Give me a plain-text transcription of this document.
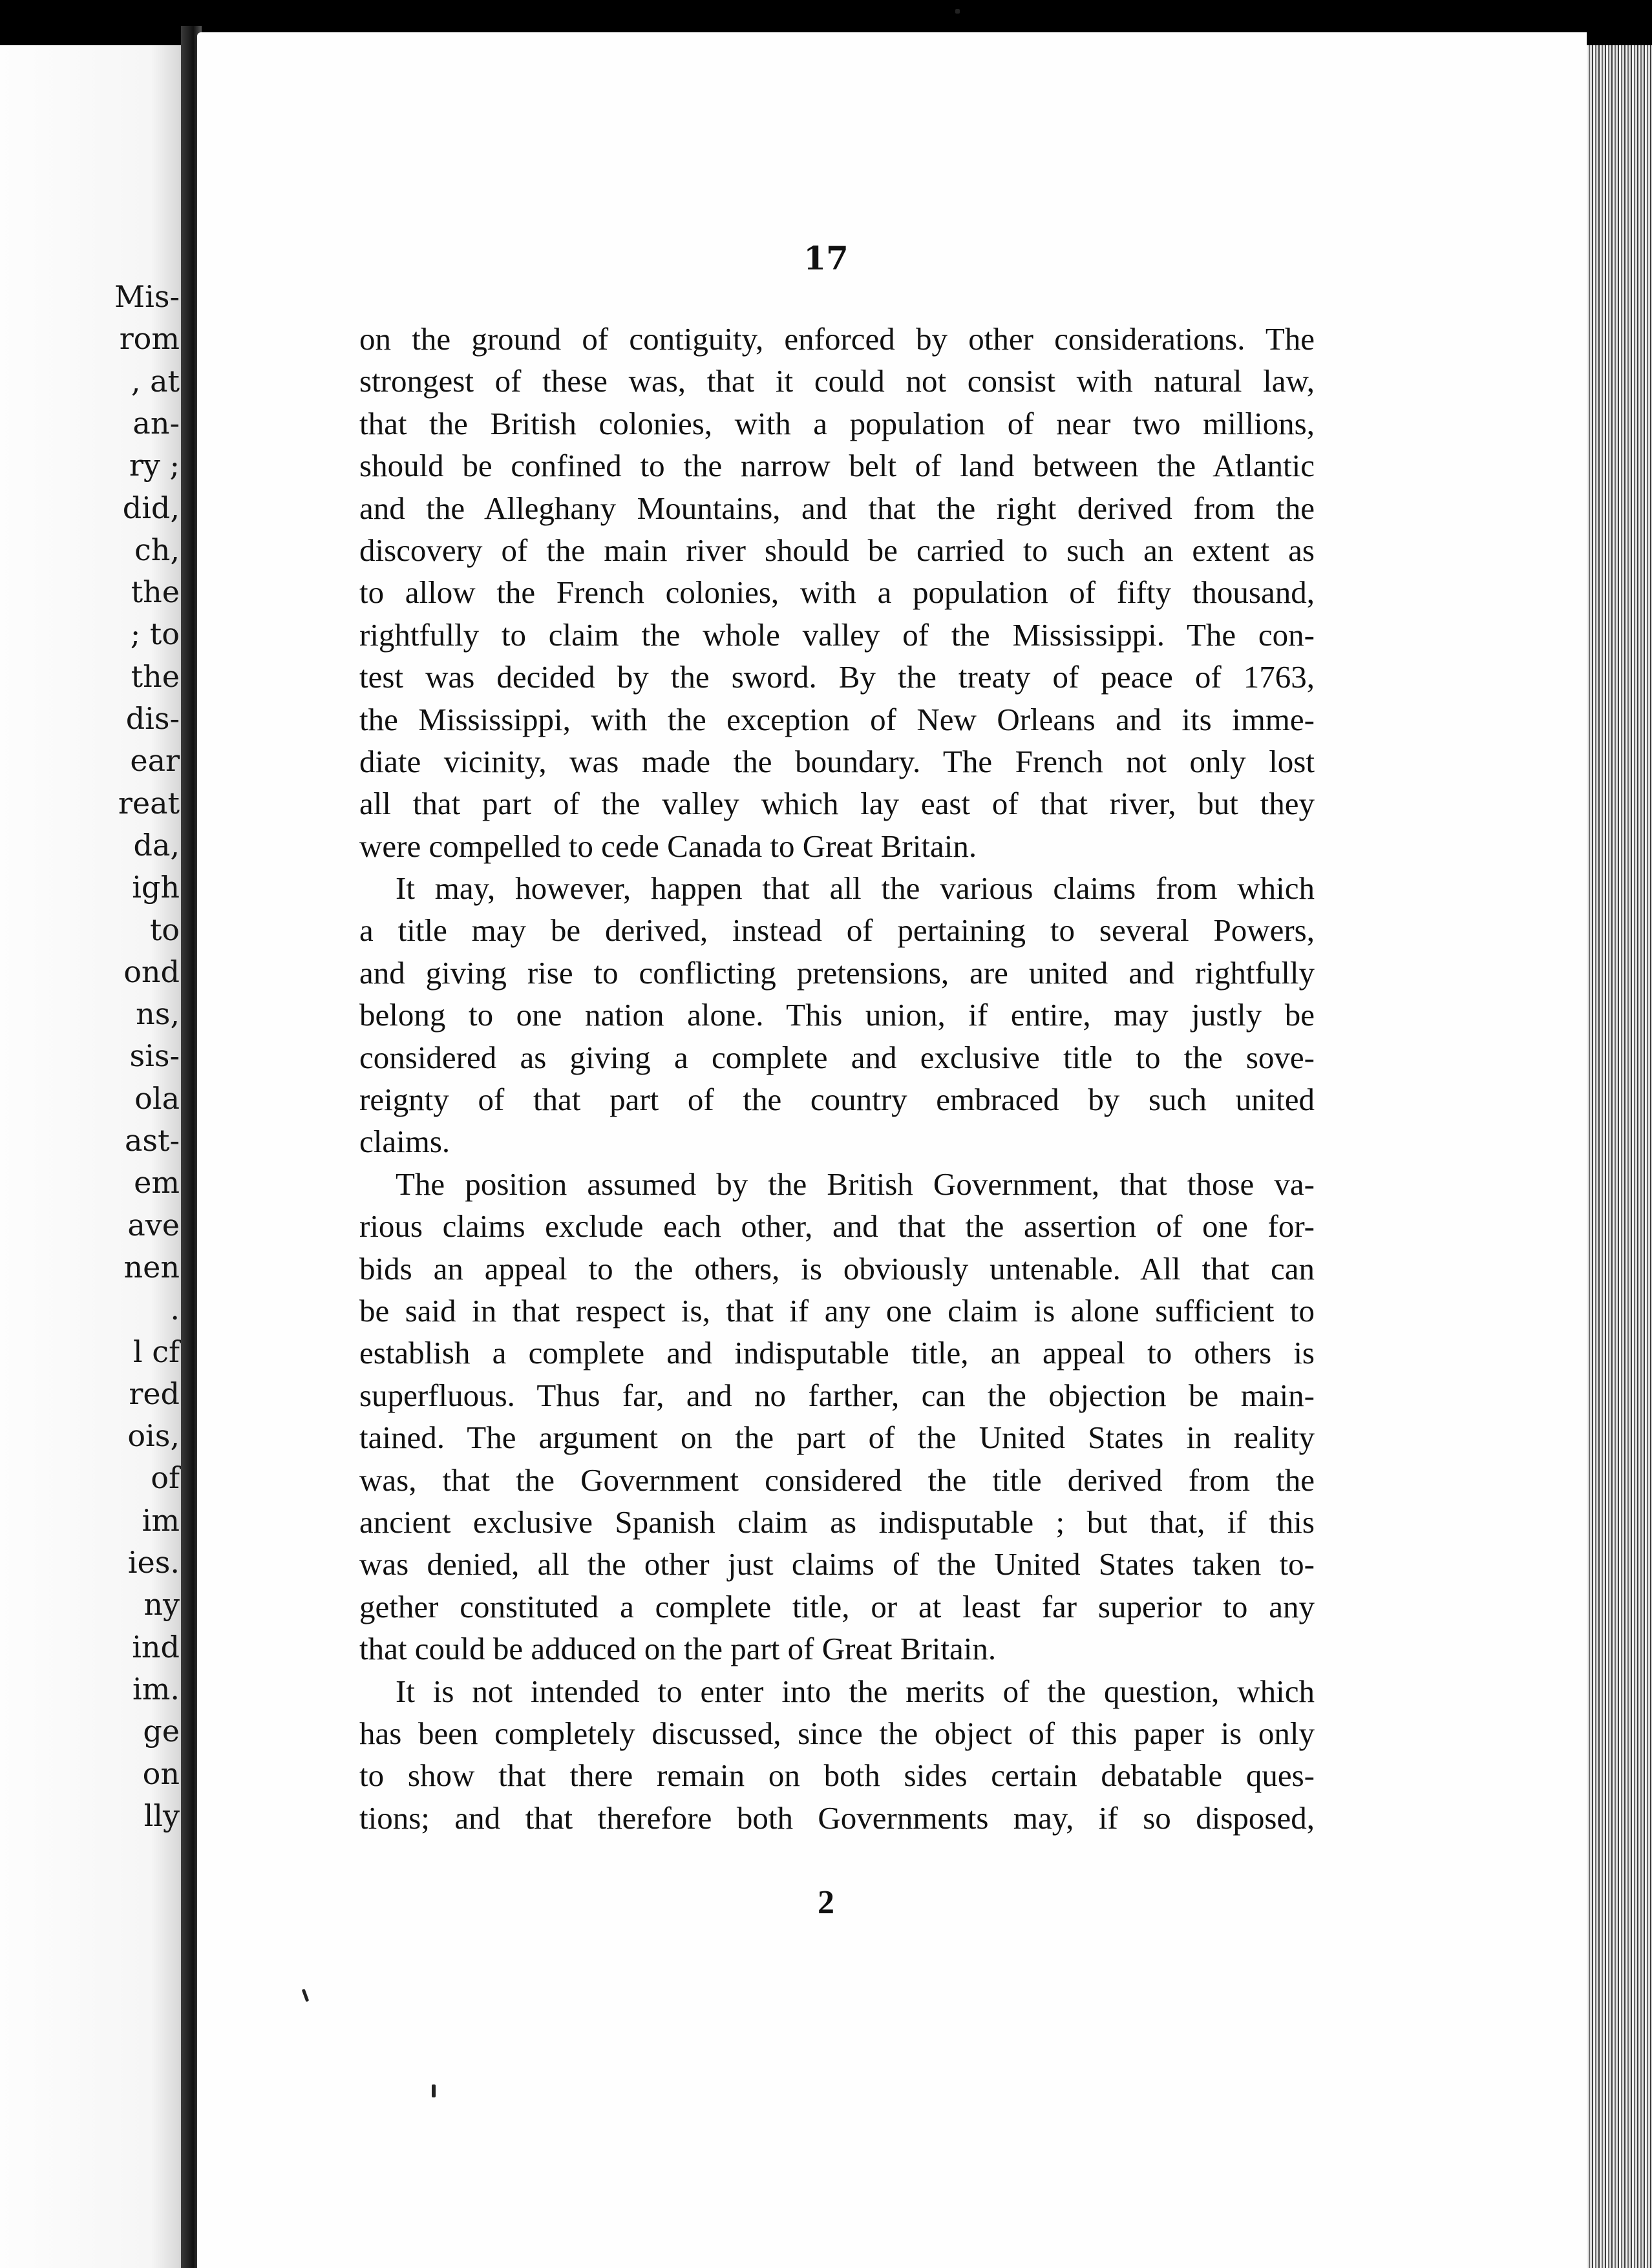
Mis-
rom
, at
an-
ry ;
did,
ch,
the
; to
the
dis-
ear
reat
da,
igh
to
ond
ns,
sis-
ola
ast-
em
ave
nen
.
l cf
red
ois,
of
im
ies.
ny
ind
im.
ge
on
lly

17

on the ground of contiguity, enforced by other considerations. The
strongest of these was, that it could not consist with natural law,
that the British colonies, with a population of near two millions,
should be confined to the narrow belt of land between the Atlantic
and the Alleghany Mountains, and that the right derived from the
discovery of the main river should be carried to such an extent as
to allow the French colonies, with a population of fifty thousand,
rightfully to claim the whole valley of the Mississippi. The con-
test was decided by the sword. By the treaty of peace of 1763,
the Mississippi, with the exception of New Orleans and its imme-
diate vicinity, was made the boundary. The French not only lost
all that part of the valley which lay east of that river, but they
were compelled to cede Canada to Great Britain.
It may, however, happen that all the various claims from which
a title may be derived, instead of pertaining to several Powers,
and giving rise to conflicting pretensions, are united and rightfully
belong to one nation alone. This union, if entire, may justly be
considered as giving a complete and exclusive title to the sove-
reignty of that part of the country embraced by such united
claims.
The position assumed by the British Government, that those va-
rious claims exclude each other, and that the assertion of one for-
bids an appeal to the others, is obviously untenable. All that can
be said in that respect is, that if any one claim is alone sufficient to
establish a complete and indisputable title, an appeal to others is
superfluous. Thus far, and no farther, can the objection be main-
tained. The argument on the part of the United States in reality
was, that the Government considered the title derived from the
ancient exclusive Spanish claim as indisputable ; but that, if this
was denied, all the other just claims of the United States taken to-
gether constituted a complete title, or at least far superior to any
that could be adduced on the part of Great Britain.
It is not intended to enter into the merits of the question, which
has been completely discussed, since the object of this paper is only
to show that there remain on both sides certain debatable ques-
tions; and that therefore both Governments may, if so disposed,
2
